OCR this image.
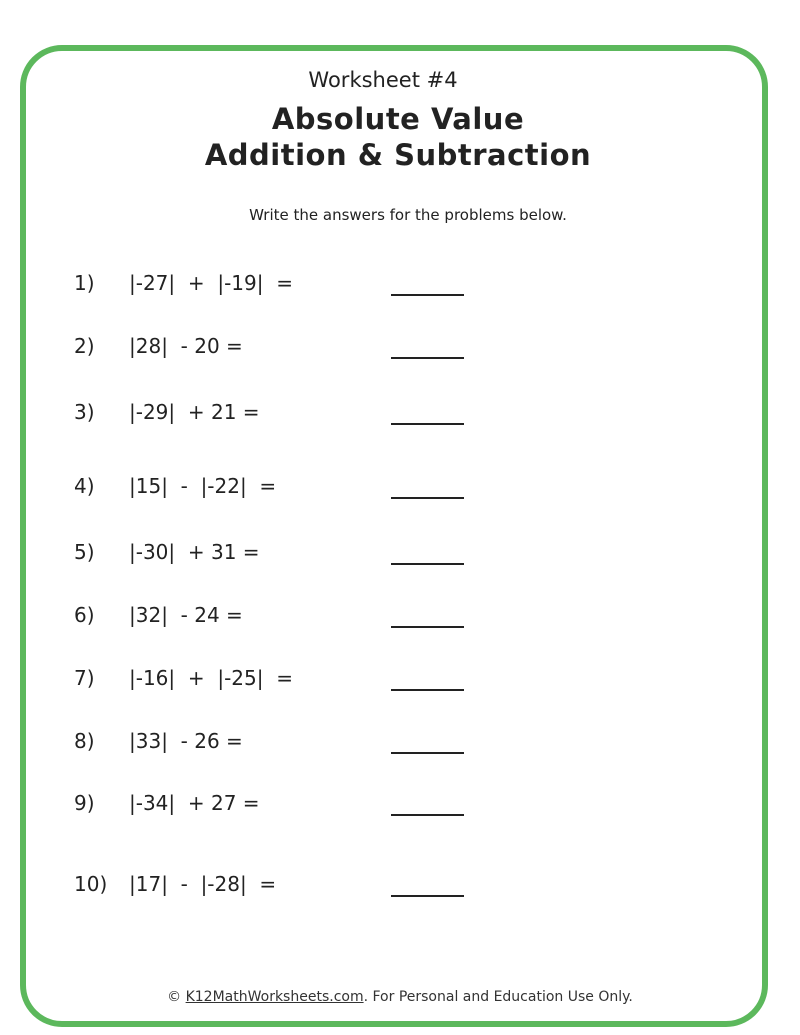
Worksheet #4
Absolute Value
Addition & Subtraction
Write the answers for the problems below.
1) |-27|  +  |-19|  =
2) |28|  - 20 =
3) |-29|  + 21 =
4) |15|  -  |-22|  =
5) |-30|  + 31 =
6) |32|  - 24 =
7) |-16|  +  |-25|  =
8) |33|  - 26 =
9) |-34|  + 27 =
10) |17|  -  |-28|  =
© K12MathWorksheets.com. For Personal and Education Use Only.
